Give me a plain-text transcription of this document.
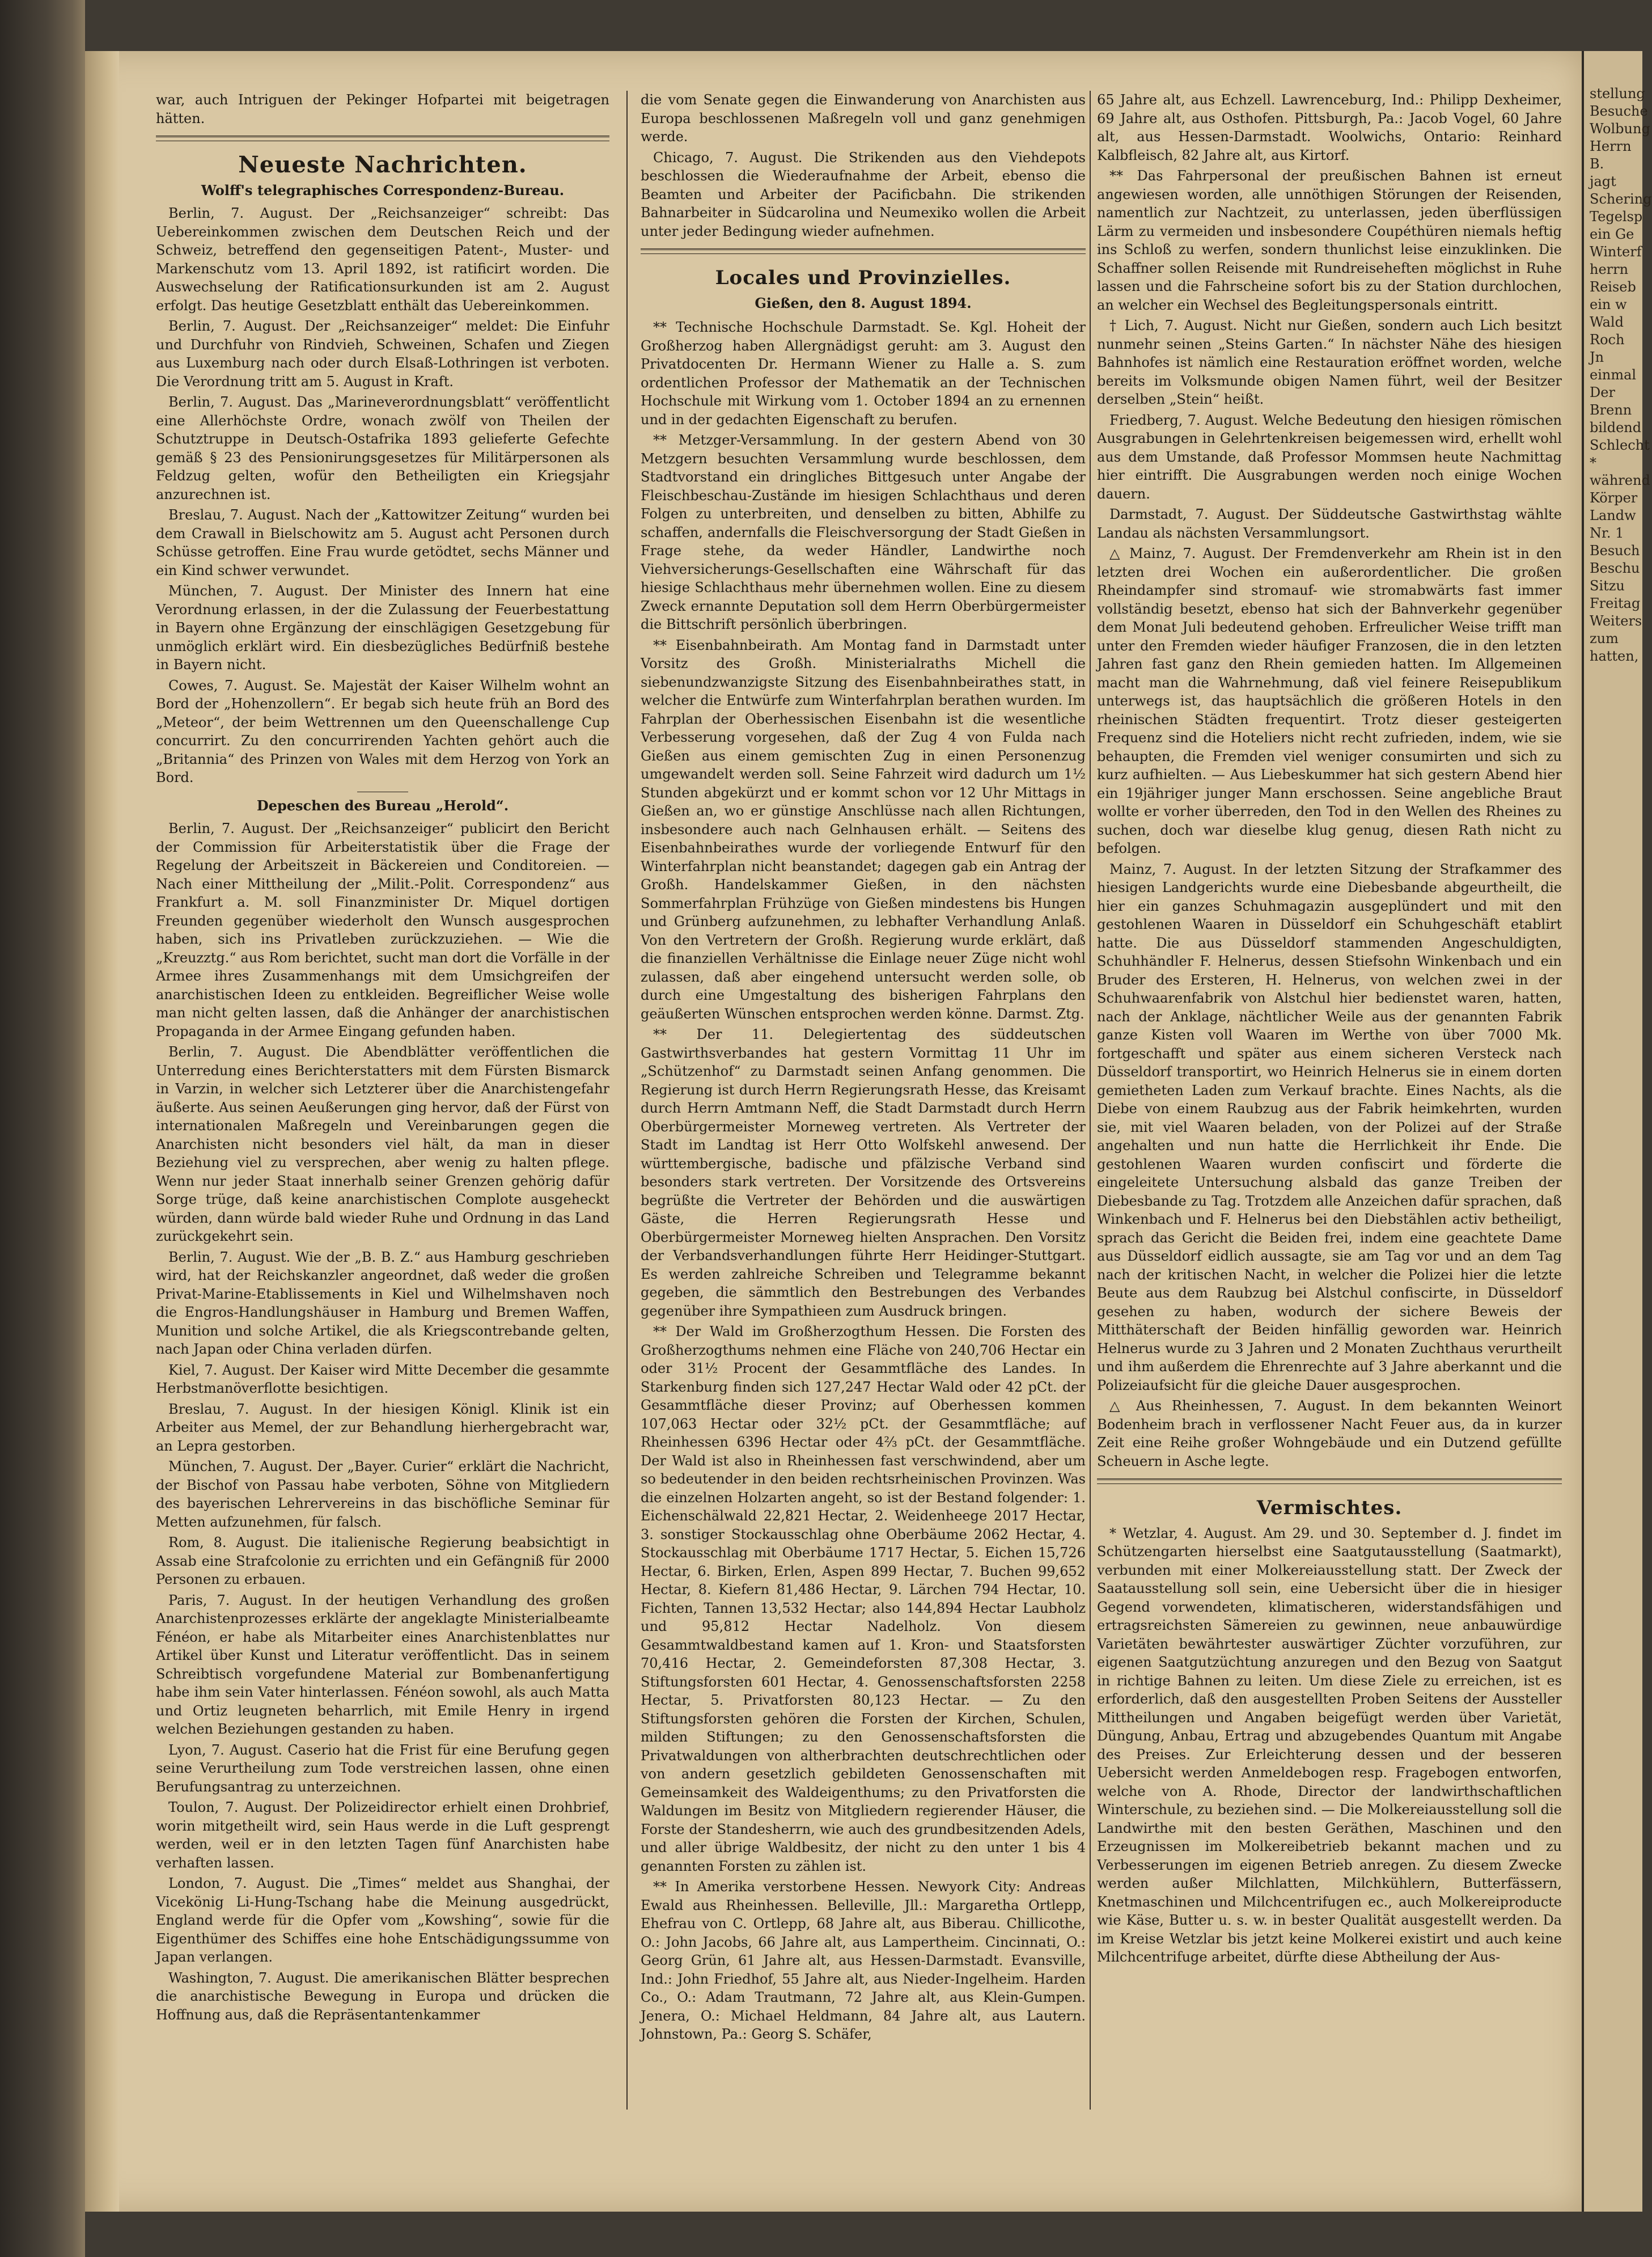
war, auch Intriguen der Pekinger Hofpartei mit beigetragen hätten.

Neueste Nachrichten.
Wolff's telegraphisches Correspondenz-Bureau.

Berlin, 7. August. Der „Reichsanzeiger“ schreibt: Das Uebereinkommen zwischen dem Deutschen Reich und der Schweiz, betreffend den gegenseitigen Patent-, Muster- und Markenschutz vom 13. April 1892, ist ratificirt worden. Die Auswechselung der Ratificationsurkunden ist am 2. August erfolgt. Das heutige Gesetzblatt enthält das Uebereinkommen.

Berlin, 7. August. Der „Reichsanzeiger“ meldet: Die Einfuhr und Durchfuhr von Rindvieh, Schweinen, Schafen und Ziegen aus Luxemburg nach oder durch Elsaß-Lothringen ist verboten. Die Verordnung tritt am 5. August in Kraft.

Berlin, 7. August. Das „Marineverordnungsblatt“ veröffentlicht eine Allerhöchste Ordre, wonach zwölf von Theilen der Schutztruppe in Deutsch-Ostafrika 1893 gelieferte Gefechte gemäß § 23 des Pensionirungsgesetzes für Militärpersonen als Feldzug gelten, wofür den Betheiligten ein Kriegsjahr anzurechnen ist.

Breslau, 7. August. Nach der „Kattowitzer Zeitung“ wurden bei dem Crawall in Bielschowitz am 5. August acht Personen durch Schüsse getroffen. Eine Frau wurde getödtet, sechs Männer und ein Kind schwer verwundet.

München, 7. August. Der Minister des Innern hat eine Verordnung erlassen, in der die Zulassung der Feuerbestattung in Bayern ohne Ergänzung der einschlägigen Gesetzgebung für unmöglich erklärt wird. Ein diesbezügliches Bedürfniß bestehe in Bayern nicht.

Cowes, 7. August. Se. Majestät der Kaiser Wilhelm wohnt an Bord der „Hohenzollern“. Er begab sich heute früh an Bord des „Meteor“, der beim Wettrennen um den Queenschallenge Cup concurrirt. Zu den concurrirenden Yachten gehört auch die „Britannia“ des Prinzen von Wales mit dem Herzog von York an Bord.

Depeschen des Bureau „Herold“.

Berlin, 7. August. Der „Reichsanzeiger“ publicirt den Bericht der Commission für Arbeiterstatistik über die Frage der Regelung der Arbeitszeit in Bäckereien und Conditoreien. — Nach einer Mittheilung der „Milit.-Polit. Correspondenz“ aus Frankfurt a. M. soll Finanzminister Dr. Miquel dortigen Freunden gegenüber wiederholt den Wunsch ausgesprochen haben, sich ins Privatleben zurückzuziehen. — Wie die „Kreuzztg.“ aus Rom berichtet, sucht man dort die Vorfälle in der Armee ihres Zusammenhangs mit dem Umsichgreifen der anarchistischen Ideen zu entkleiden. Begreiflicher Weise wolle man nicht gelten lassen, daß die Anhänger der anarchistischen Propaganda in der Armee Eingang gefunden haben.

Berlin, 7. August. Die Abendblätter veröffentlichen die Unterredung eines Berichterstatters mit dem Fürsten Bismarck in Varzin, in welcher sich Letzterer über die Anarchistengefahr äußerte. Aus seinen Aeußerungen ging hervor, daß der Fürst von internationalen Maßregeln und Vereinbarungen gegen die Anarchisten nicht besonders viel hält, da man in dieser Beziehung viel zu versprechen, aber wenig zu halten pflege. Wenn nur jeder Staat innerhalb seiner Grenzen gehörig dafür Sorge trüge, daß keine anarchistischen Complote ausgeheckt würden, dann würde bald wieder Ruhe und Ordnung in das Land zurückgekehrt sein.

Berlin, 7. August. Wie der „B. B. Z.“ aus Hamburg geschrieben wird, hat der Reichskanzler angeordnet, daß weder die großen Privat-Marine-Etablissements in Kiel und Wilhelmshaven noch die Engros-Handlungshäuser in Hamburg und Bremen Waffen, Munition und solche Artikel, die als Kriegscontrebande gelten, nach Japan oder China verladen dürfen.

Kiel, 7. August. Der Kaiser wird Mitte December die gesammte Herbstmanöverflotte besichtigen.

Breslau, 7. August. In der hiesigen Königl. Klinik ist ein Arbeiter aus Memel, der zur Behandlung hierhergebracht war, an Lepra gestorben.

München, 7. August. Der „Bayer. Curier“ erklärt die Nachricht, der Bischof von Passau habe verboten, Söhne von Mitgliedern des bayerischen Lehrervereins in das bischöfliche Seminar für Metten aufzunehmen, für falsch.

Rom, 8. August. Die italienische Regierung beabsichtigt in Assab eine Strafcolonie zu errichten und ein Gefängniß für 2000 Personen zu erbauen.

Paris, 7. August. In der heutigen Verhandlung des großen Anarchistenprozesses erklärte der angeklagte Ministerialbeamte Fénéon, er habe als Mitarbeiter eines Anarchistenblattes nur Artikel über Kunst und Literatur veröffentlicht. Das in seinem Schreibtisch vorgefundene Material zur Bombenanfertigung habe ihm sein Vater hinterlassen. Fénéon sowohl, als auch Matta und Ortiz leugneten beharrlich, mit Emile Henry in irgend welchen Beziehungen gestanden zu haben.

Lyon, 7. August. Caserio hat die Frist für eine Berufung gegen seine Verurtheilung zum Tode verstreichen lassen, ohne einen Berufungsantrag zu unterzeichnen.

Toulon, 7. August. Der Polizeidirector erhielt einen Drohbrief, worin mitgetheilt wird, sein Haus werde in die Luft gesprengt werden, weil er in den letzten Tagen fünf Anarchisten habe verhaften lassen.

London, 7. August. Die „Times“ meldet aus Shanghai, der Vicekönig Li-Hung-Tschang habe die Meinung ausgedrückt, England werde für die Opfer vom „Kowshing“, sowie für die Eigenthümer des Schiffes eine hohe Entschädigungssumme von Japan verlangen.

Washington, 7. August. Die amerikanischen Blätter besprechen die anarchistische Bewegung in Europa und drücken die Hoffnung aus, daß die Repräsentantenkammer

die vom Senate gegen die Einwanderung von Anarchisten aus Europa beschlossenen Maßregeln voll und ganz genehmigen werde.

Chicago, 7. August. Die Strikenden aus den Viehdepots beschlossen die Wiederaufnahme der Arbeit, ebenso die Beamten und Arbeiter der Pacificbahn. Die strikenden Bahnarbeiter in Südcarolina und Neumexiko wollen die Arbeit unter jeder Bedingung wieder aufnehmen.

Locales und Provinzielles.
Gießen, den 8. August 1894.

** Technische Hochschule Darmstadt. Se. Kgl. Hoheit der Großherzog haben Allergnädigst geruht: am 3. August den Privatdocenten Dr. Hermann Wiener zu Halle a. S. zum ordentlichen Professor der Mathematik an der Technischen Hochschule mit Wirkung vom 1. October 1894 an zu ernennen und in der gedachten Eigenschaft zu berufen.

** Metzger-Versammlung. In der gestern Abend von 30 Metzgern besuchten Versammlung wurde beschlossen, dem Stadtvorstand ein dringliches Bittgesuch unter Angabe der Fleischbeschau-Zustände im hiesigen Schlachthaus und deren Folgen zu unterbreiten, und denselben zu bitten, Abhilfe zu schaffen, andernfalls die Fleischversorgung der Stadt Gießen in Frage stehe, da weder Händler, Landwirthe noch Viehversicherungs-Gesellschaften eine Währschaft für das hiesige Schlachthaus mehr übernehmen wollen. Eine zu diesem Zweck ernannte Deputation soll dem Herrn Oberbürgermeister die Bittschrift persönlich überbringen.

** Eisenbahnbeirath. Am Montag fand in Darmstadt unter Vorsitz des Großh. Ministerialraths Michell die siebenundzwanzigste Sitzung des Eisenbahnbeirathes statt, in welcher die Entwürfe zum Winterfahrplan berathen wurden. Im Fahrplan der Oberhessischen Eisenbahn ist die wesentliche Verbesserung vorgesehen, daß der Zug 4 von Fulda nach Gießen aus einem gemischten Zug in einen Personenzug umgewandelt werden soll. Seine Fahrzeit wird dadurch um 1½ Stunden abgekürzt und er kommt schon vor 12 Uhr Mittags in Gießen an, wo er günstige Anschlüsse nach allen Richtungen, insbesondere auch nach Gelnhausen erhält. — Seitens des Eisenbahnbeirathes wurde der vorliegende Entwurf für den Winterfahrplan nicht beanstandet; dagegen gab ein Antrag der Großh. Handelskammer Gießen, in den nächsten Sommerfahrplan Frühzüge von Gießen mindestens bis Hungen und Grünberg aufzunehmen, zu lebhafter Verhandlung Anlaß. Von den Vertretern der Großh. Regierung wurde erklärt, daß die finanziellen Verhältnisse die Einlage neuer Züge nicht wohl zulassen, daß aber eingehend untersucht werden solle, ob durch eine Umgestaltung des bisherigen Fahrplans den geäußerten Wünschen entsprochen werden könne. Darmst. Ztg.

** Der 11. Delegiertentag des süddeutschen Gastwirthsverbandes hat gestern Vormittag 11 Uhr im „Schützenhof“ zu Darmstadt seinen Anfang genommen. Die Regierung ist durch Herrn Regierungsrath Hesse, das Kreisamt durch Herrn Amtmann Neff, die Stadt Darmstadt durch Herrn Oberbürgermeister Morneweg vertreten. Als Vertreter der Stadt im Landtag ist Herr Otto Wolfskehl anwesend. Der württembergische, badische und pfälzische Verband sind besonders stark vertreten. Der Vorsitzende des Ortsvereins begrüßte die Vertreter der Behörden und die auswärtigen Gäste, die Herren Regierungsrath Hesse und Oberbürgermeister Morneweg hielten Ansprachen. Den Vorsitz der Verbandsverhandlungen führte Herr Heidinger-Stuttgart. Es werden zahlreiche Schreiben und Telegramme bekannt gegeben, die sämmtlich den Bestrebungen des Verbandes gegenüber ihre Sympathieen zum Ausdruck bringen.

** Der Wald im Großherzogthum Hessen. Die Forsten des Großherzogthums nehmen eine Fläche von 240,706 Hectar ein oder 31½ Procent der Gesammtfläche des Landes. In Starkenburg finden sich 127,247 Hectar Wald oder 42 pCt. der Gesammtfläche dieser Provinz; auf Oberhessen kommen 107,063 Hectar oder 32½ pCt. der Gesammtfläche; auf Rheinhessen 6396 Hectar oder 4⅔ pCt. der Gesammtfläche. Der Wald ist also in Rheinhessen fast verschwindend, aber um so bedeutender in den beiden rechtsrheinischen Provinzen. Was die einzelnen Holzarten angeht, so ist der Bestand folgender: 1. Eichenschälwald 22,821 Hectar, 2. Weidenheege 2017 Hectar, 3. sonstiger Stockausschlag ohne Oberbäume 2062 Hectar, 4. Stockausschlag mit Oberbäume 1717 Hectar, 5. Eichen 15,726 Hectar, 6. Birken, Erlen, Aspen 899 Hectar, 7. Buchen 99,652 Hectar, 8. Kiefern 81,486 Hectar, 9. Lärchen 794 Hectar, 10. Fichten, Tannen 13,532 Hectar; also 144,894 Hectar Laubholz und 95,812 Hectar Nadelholz. Von diesem Gesammtwaldbestand kamen auf 1. Kron- und Staatsforsten 70,416 Hectar, 2. Gemeindeforsten 87,308 Hectar, 3. Stiftungsforsten 601 Hectar, 4. Genossenschaftsforsten 2258 Hectar, 5. Privatforsten 80,123 Hectar. — Zu den Stiftungsforsten gehören die Forsten der Kirchen, Schulen, milden Stiftungen; zu den Genossenschaftsforsten die Privatwaldungen von altherbrachten deutschrechtlichen oder von andern gesetzlich gebildeten Genossenschaften mit Gemeinsamkeit des Waldeigenthums; zu den Privatforsten die Waldungen im Besitz von Mitgliedern regierender Häuser, die Forste der Standesherrn, wie auch des grundbesitzenden Adels, und aller übrige Waldbesitz, der nicht zu den unter 1 bis 4 genannten Forsten zu zählen ist.

** In Amerika verstorbene Hessen. Newyork City: Andreas Ewald aus Rheinhessen. Belleville, Jll.: Margaretha Ortlepp, Ehefrau von C. Ortlepp, 68 Jahre alt, aus Biberau. Chillicothe, O.: John Jacobs, 66 Jahre alt, aus Lampertheim. Cincinnati, O.: Georg Grün, 61 Jahre alt, aus Hessen-Darmstadt. Evansville, Ind.: John Friedhof, 55 Jahre alt, aus Nieder-Ingelheim. Harden Co., O.: Adam Trautmann, 72 Jahre alt, aus Klein-Gumpen. Jenera, O.: Michael Heldmann, 84 Jahre alt, aus Lautern. Johnstown, Pa.: Georg S. Schäfer,

65 Jahre alt, aus Echzell. Lawrenceburg, Ind.: Philipp Dexheimer, 69 Jahre alt, aus Osthofen. Pittsburgh, Pa.: Jacob Vogel, 60 Jahre alt, aus Hessen-Darmstadt. Woolwichs, Ontario: Reinhard Kalbfleisch, 82 Jahre alt, aus Kirtorf.

** Das Fahrpersonal der preußischen Bahnen ist erneut angewiesen worden, alle unnöthigen Störungen der Reisenden, namentlich zur Nachtzeit, zu unterlassen, jeden überflüssigen Lärm zu vermeiden und insbesondere Coupéthüren niemals heftig ins Schloß zu werfen, sondern thunlichst leise einzuklinken. Die Schaffner sollen Reisende mit Rundreiseheften möglichst in Ruhe lassen und die Fahrscheine sofort bis zu der Station durchlochen, an welcher ein Wechsel des Begleitungspersonals eintritt.

† Lich, 7. August. Nicht nur Gießen, sondern auch Lich besitzt nunmehr seinen „Steins Garten.“ In nächster Nähe des hiesigen Bahnhofes ist nämlich eine Restauration eröffnet worden, welche bereits im Volksmunde obigen Namen führt, weil der Besitzer derselben „Stein“ heißt.

Friedberg, 7. August. Welche Bedeutung den hiesigen römischen Ausgrabungen in Gelehrtenkreisen beigemessen wird, erhellt wohl aus dem Umstande, daß Professor Mommsen heute Nachmittag hier eintrifft. Die Ausgrabungen werden noch einige Wochen dauern.

Darmstadt, 7. August. Der Süddeutsche Gastwirthstag wählte Landau als nächsten Versammlungsort.

△ Mainz, 7. August. Der Fremdenverkehr am Rhein ist in den letzten drei Wochen ein außerordentlicher. Die großen Rheindampfer sind stromauf- wie stromabwärts fast immer vollständig besetzt, ebenso hat sich der Bahnverkehr gegenüber dem Monat Juli bedeutend gehoben. Erfreulicher Weise trifft man unter den Fremden wieder häufiger Franzosen, die in den letzten Jahren fast ganz den Rhein gemieden hatten. Im Allgemeinen macht man die Wahrnehmung, daß viel feinere Reisepublikum unterwegs ist, das hauptsächlich die größeren Hotels in den rheinischen Städten frequentirt. Trotz dieser gesteigerten Frequenz sind die Hoteliers nicht recht zufrieden, indem, wie sie behaupten, die Fremden viel weniger consumirten und sich zu kurz aufhielten. — Aus Liebeskummer hat sich gestern Abend hier ein 19jähriger junger Mann erschossen. Seine angebliche Braut wollte er vorher überreden, den Tod in den Wellen des Rheines zu suchen, doch war dieselbe klug genug, diesen Rath nicht zu befolgen.

Mainz, 7. August. In der letzten Sitzung der Strafkammer des hiesigen Landgerichts wurde eine Diebesbande abgeurtheilt, die hier ein ganzes Schuhmagazin ausgeplündert und mit den gestohlenen Waaren in Düsseldorf ein Schuhgeschäft etablirt hatte. Die aus Düsseldorf stammenden Angeschuldigten, Schuhhändler F. Helnerus, dessen Stiefsohn Winkenbach und ein Bruder des Ersteren, H. Helnerus, von welchen zwei in der Schuhwaarenfabrik von Alstchul hier bedienstet waren, hatten, nach der Anklage, nächtlicher Weile aus der genannten Fabrik ganze Kisten voll Waaren im Werthe von über 7000 Mk. fortgeschafft und später aus einem sicheren Versteck nach Düsseldorf transportirt, wo Heinrich Helnerus sie in einem dorten gemietheten Laden zum Verkauf brachte. Eines Nachts, als die Diebe von einem Raubzug aus der Fabrik heimkehrten, wurden sie, mit viel Waaren beladen, von der Polizei auf der Straße angehalten und nun hatte die Herrlichkeit ihr Ende. Die gestohlenen Waaren wurden confiscirt und förderte die eingeleitete Untersuchung alsbald das ganze Treiben der Diebesbande zu Tag. Trotzdem alle Anzeichen dafür sprachen, daß Winkenbach und F. Helnerus bei den Diebstählen activ betheiligt, sprach das Gericht die Beiden frei, indem eine geachtete Dame aus Düsseldorf eidlich aussagte, sie am Tag vor und an dem Tag nach der kritischen Nacht, in welcher die Polizei hier die letzte Beute aus dem Raubzug bei Alstchul confiscirte, in Düsseldorf gesehen zu haben, wodurch der sichere Beweis der Mitthäterschaft der Beiden hinfällig geworden war. Heinrich Helnerus wurde zu 3 Jahren und 2 Monaten Zuchthaus verurtheilt und ihm außerdem die Ehrenrechte auf 3 Jahre aberkannt und die Polizeiaufsicht für die gleiche Dauer ausgesprochen.

△ Aus Rheinhessen, 7. August. In dem bekannten Weinort Bodenheim brach in verflossener Nacht Feuer aus, da in kurzer Zeit eine Reihe großer Wohngebäude und ein Dutzend gefüllte Scheuern in Asche legte.

Vermischtes.

* Wetzlar, 4. August. Am 29. und 30. September d. J. findet im Schützengarten hierselbst eine Saatgutausstellung (Saatmarkt), verbunden mit einer Molkereiausstellung statt. Der Zweck der Saatausstellung soll sein, eine Uebersicht über die in hiesiger Gegend vorwendeten, klimatischeren, widerstandsfähigen und ertragsreichsten Sämereien zu gewinnen, neue anbauwürdige Varietäten bewährtester auswärtiger Züchter vorzuführen, zur eigenen Saatgutzüchtung anzuregen und den Bezug von Saatgut in richtige Bahnen zu leiten. Um diese Ziele zu erreichen, ist es erforderlich, daß den ausgestellten Proben Seitens der Aussteller Mittheilungen und Angaben beigefügt werden über Varietät, Düngung, Anbau, Ertrag und abzugebendes Quantum mit Angabe des Preises. Zur Erleichterung dessen und der besseren Uebersicht werden Anmeldebogen resp. Fragebogen entworfen, welche von A. Rhode, Director der landwirthschaftlichen Winterschule, zu beziehen sind. — Die Molkereiausstellung soll die Landwirthe mit den besten Geräthen, Maschinen und den Erzeugnissen im Molkereibetrieb bekannt machen und zu Verbesserungen im eigenen Betrieb anregen. Zu diesem Zwecke werden außer Milchlatten, Milchkühlern, Butterfässern, Knetmaschinen und Milchcentrifugen ec., auch Molkereiproducte wie Käse, Butter u. s. w. in bester Qualität ausgestellt werden. Da im Kreise Wetzlar bis jetzt keine Molkerei existirt und auch keine Milchcentrifuge arbeitet, dürfte diese Abtheilung der Aus-

stellung
Besuche
Wolbung
Herrn
B.
jagt
Schering
Tegelsp
ein Ge
Winterf
herrn
Reiseb
ein w
Wald
Roch
Jn
einmal
Der
Brenn
bildend
Schlecht
*
während
Körper
Landw
Nr. 1
Besuch
Beschu
Sitzu
Freitag
Weiters
zum
hatten,
